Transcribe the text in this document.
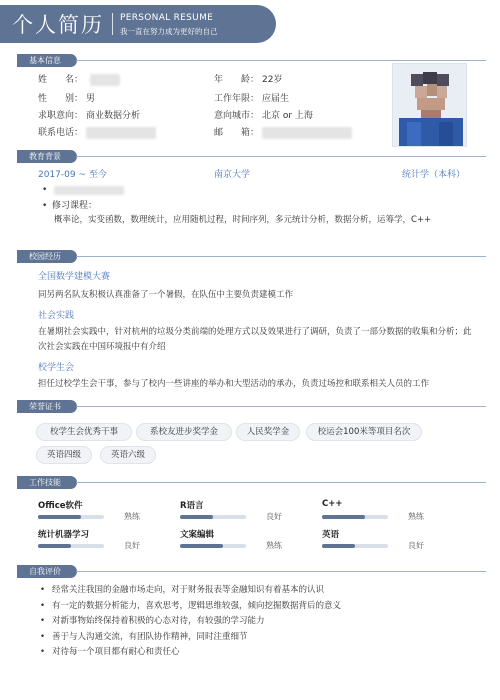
个人简历 PERSONAL RESUME
我一直在努力成为更好的自己
基本信息
姓　　名：
性　　别： 男
求职意向： 商业数据分析
联系电话：
年　　龄： 22岁
工作年限： 应届生
意向城市： 北京 or 上海
邮　　箱：
教育背景
2017-09 ~ 至今	南京大学	统计学（本科）
•
• 修习课程：
概率论，实变函数，数理统计，应用随机过程，时间序列，多元统计分析，数据分析，运筹学，C++
校园经历
全国数学建模大赛
同另两名队友积极认真准备了一个暑假，在队伍中主要负责建模工作
社会实践
在暑期社会实践中，针对杭州的垃圾分类前端的处理方式以及效果进行了调研，负责了一部分数据的收集和分析；此次社会实践在中国环境报中有介绍
校学生会
担任过校学生会干事，参与了校内一些讲座的举办和大型活动的承办，负责过场控和联系相关人员的工作
荣誉证书
校学生会优秀干事	系校友进步奖学金	人民奖学金	校运会100米等项目名次
英语四级	英语六级
工作技能
Office软件
熟练
R语言
良好
C++
熟练
统计机器学习
良好
文案编辑
熟练
英语
良好
自我评价
• 经常关注我国的金融市场走向，对于财务报表等金融知识有着基本的认识
• 有一定的数据分析能力，喜欢思考，逻辑思维较强，倾向挖掘数据背后的意义
• 对新事物始终保持着积极的心态对待，有较强的学习能力
• 善于与人沟通交流，有团队协作精神，同时注重细节
• 对待每一个项目都有耐心和责任心
